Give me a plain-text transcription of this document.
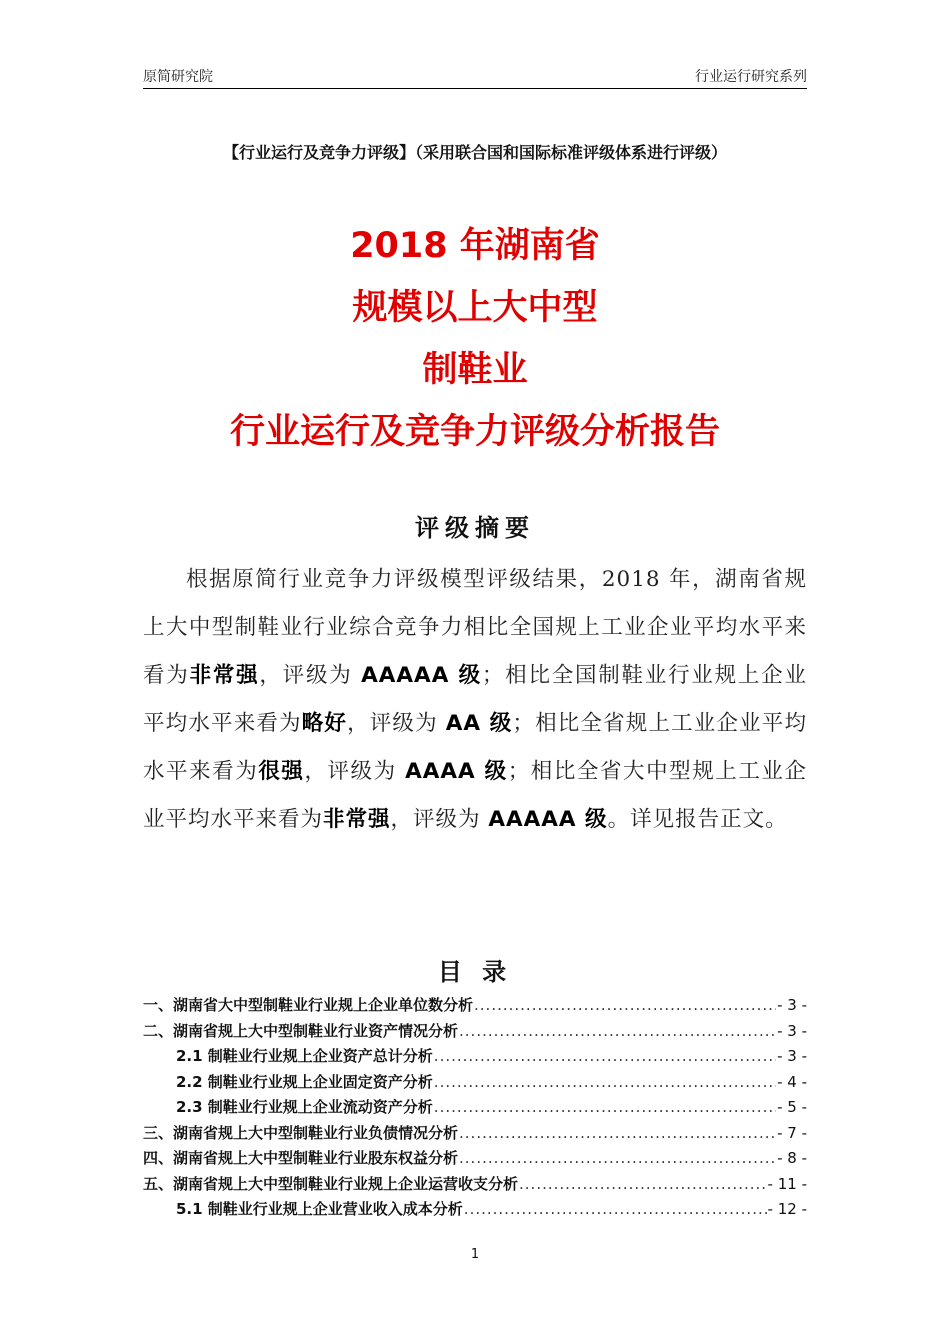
原简研究院	行业运行研究系列
【行业运行及竞争力评级】（采用联合国和国际标准评级体系进行评级）
2018 年湖南省
规模以上大中型
制鞋业
行业运行及竞争力评级分析报告
评级摘要

根据原简行业竞争力评级模型评级结果，2018 年，湖南省规上大中型制鞋业行业综合竞争力相比全国规上工业企业平均水平来看为非常强，评级为 AAAAA 级；相比全国制鞋业行业规上企业平均水平来看为略好，评级为 AA 级；相比全省规上工业企业平均水平来看为很强，评级为 AAAA 级；相比全省大中型规上工业企业平均水平来看为非常强，评级为 AAAAA 级。详见报告正文。

目 录
一、湖南省大中型制鞋业行业规上企业单位数分析 .....	- 3 -
二、湖南省规上大中型制鞋业行业资产情况分析 .....	- 3 -
2.1 制鞋业行业规上企业资产总计分析 .....	- 3 -
2.2 制鞋业行业规上企业固定资产分析 .....	- 4 -
2.3 制鞋业行业规上企业流动资产分析 .....	- 5 -
三、湖南省规上大中型制鞋业行业负债情况分析 .....	- 7 -
四、湖南省规上大中型制鞋业行业股东权益分析 .....	- 8 -
五、湖南省规上大中型制鞋业行业规上企业运营收支分析 .....	- 11 -
5.1 制鞋业行业规上企业营业收入成本分析 .....	- 12 -
1
